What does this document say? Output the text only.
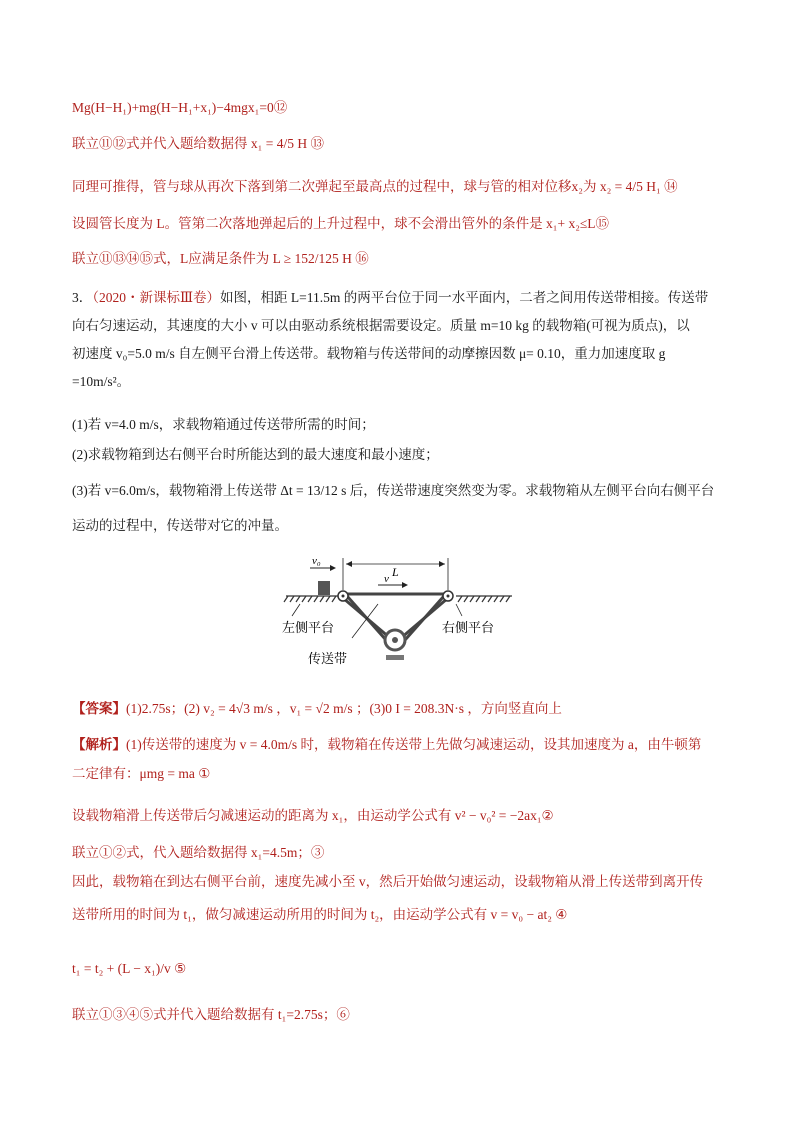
Mg(H−H₁)+mg(H−H₁+x₁)−4mgx₁=0⑫
联立⑪⑫式并代入题给数据得 x₁ = 4/5 H ⑬
同理可推得，管与球从再次下落到第二次弹起至最高点的过程中，球与管的相对位移x₂为 x₂ = 4/5 H₁ ⑭
设圆管长度为 L。管第二次落地弹起后的上升过程中，球不会滑出管外的条件是 x₁+ x₂≤L⑮
联立⑪⑬⑭⑮式，L应满足条件为 L ≥ 152/125 H ⑯
3．（2020・新课标Ⅲ卷）如图，相距 L=11.5m 的两平台位于同一水平面内，二者之间用传送带相接。传送带
向右匀速运动，其速度的大小 v 可以由驱动系统根据需要设定。质量 m=10 kg 的载物箱(可视为质点)，以
初速度 v₀=5.0 m/s 自左侧平台滑上传送带。载物箱与传送带间的动摩擦因数 μ= 0.10，重力加速度取 g
=10m/s²。
(1)若 v=4.0 m/s，求载物箱通过传送带所需的时间；
(2)求载物箱到达右侧平台时所能达到的最大速度和最小速度；
(3)若 v=6.0m/s，载物箱滑上传送带 Δt = 13/12 s 后，传送带速度突然变为零。求载物箱从左侧平台向右侧平台
运动的过程中，传送带对它的冲量。
v₀
L
v
左侧平台	右侧平台
传送带
【答案】(1)2.75s；(2) v₂ = 4√3 m/s ，v₁ = √2 m/s ；(3)0 I = 208.3N·s ，方向竖直向上
【解析】(1)传送带的速度为 v = 4.0m/s 时，载物箱在传送带上先做匀减速运动，设其加速度为 a，由牛顿第
二定律有：μmg = ma ①
设载物箱滑上传送带后匀减速运动的距离为 x₁，由运动学公式有 v² − v₀² = −2ax₁②
联立①②式，代入题给数据得 x₁=4.5m；③
因此，载物箱在到达右侧平台前，速度先减小至 v，然后开始做匀速运动，设载物箱从滑上传送带到离开传
送带所用的时间为 t₁，做匀减速运动所用的时间为 t₂，由运动学公式有 v = v₀ − at₂ ④
t₁ = t₂ + (L − x₁)/v ⑤
联立①③④⑤式并代入题给数据有 t₁=2.75s；⑥
